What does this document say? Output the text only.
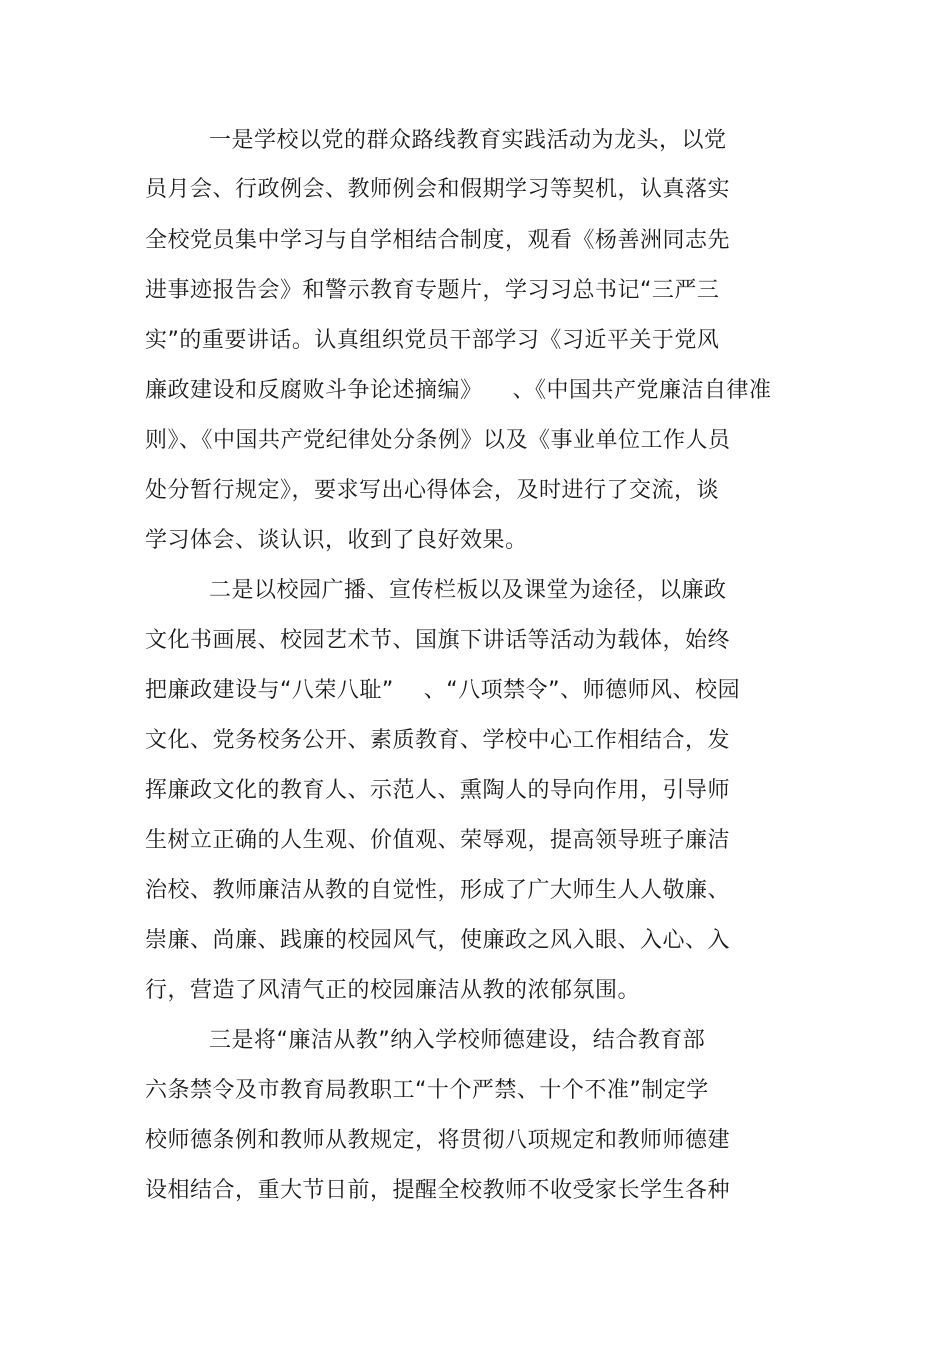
一是学校以党的群众路线教育实践活动为龙头，以党
员月会、行政例会、教师例会和假期学习等契机，认真落实
全校党员集中学习与自学相结合制度，观看《杨善洲同志先
进事迹报告会》和警示教育专题片，学习习总书记“三严三
实”的重要讲话。认真组织党员干部学习《习近平关于党风
廉政建设和反腐败斗争论述摘编》    、《中国共产党廉洁自律准
则》、《中国共产党纪律处分条例》以及《事业单位工作人员
处分暂行规定》，要求写出心得体会，及时进行了交流，谈
学习体会、谈认识，收到了良好效果。
二是以校园广播、宣传栏板以及课堂为途径，以廉政
文化书画展、校园艺术节、国旗下讲话等活动为载体，始终
把廉政建设与“八荣八耻”    、“八项禁令”、师德师风、校园
文化、党务校务公开、素质教育、学校中心工作相结合，发
挥廉政文化的教育人、示范人、熏陶人的导向作用，引导师
生树立正确的人生观、价值观、荣辱观，提高领导班子廉洁
治校、教师廉洁从教的自觉性，形成了广大师生人人敬廉、
崇廉、尚廉、践廉的校园风气，使廉政之风入眼、入心、入
行，营造了风清气正的校园廉洁从教的浓郁氛围。
三是将“廉洁从教”纳入学校师德建设，结合教育部
六条禁令及市教育局教职工“十个严禁、十个不准”制定学
校师德条例和教师从教规定，将贯彻八项规定和教师师德建
设相结合，重大节日前，提醒全校教师不收受家长学生各种
